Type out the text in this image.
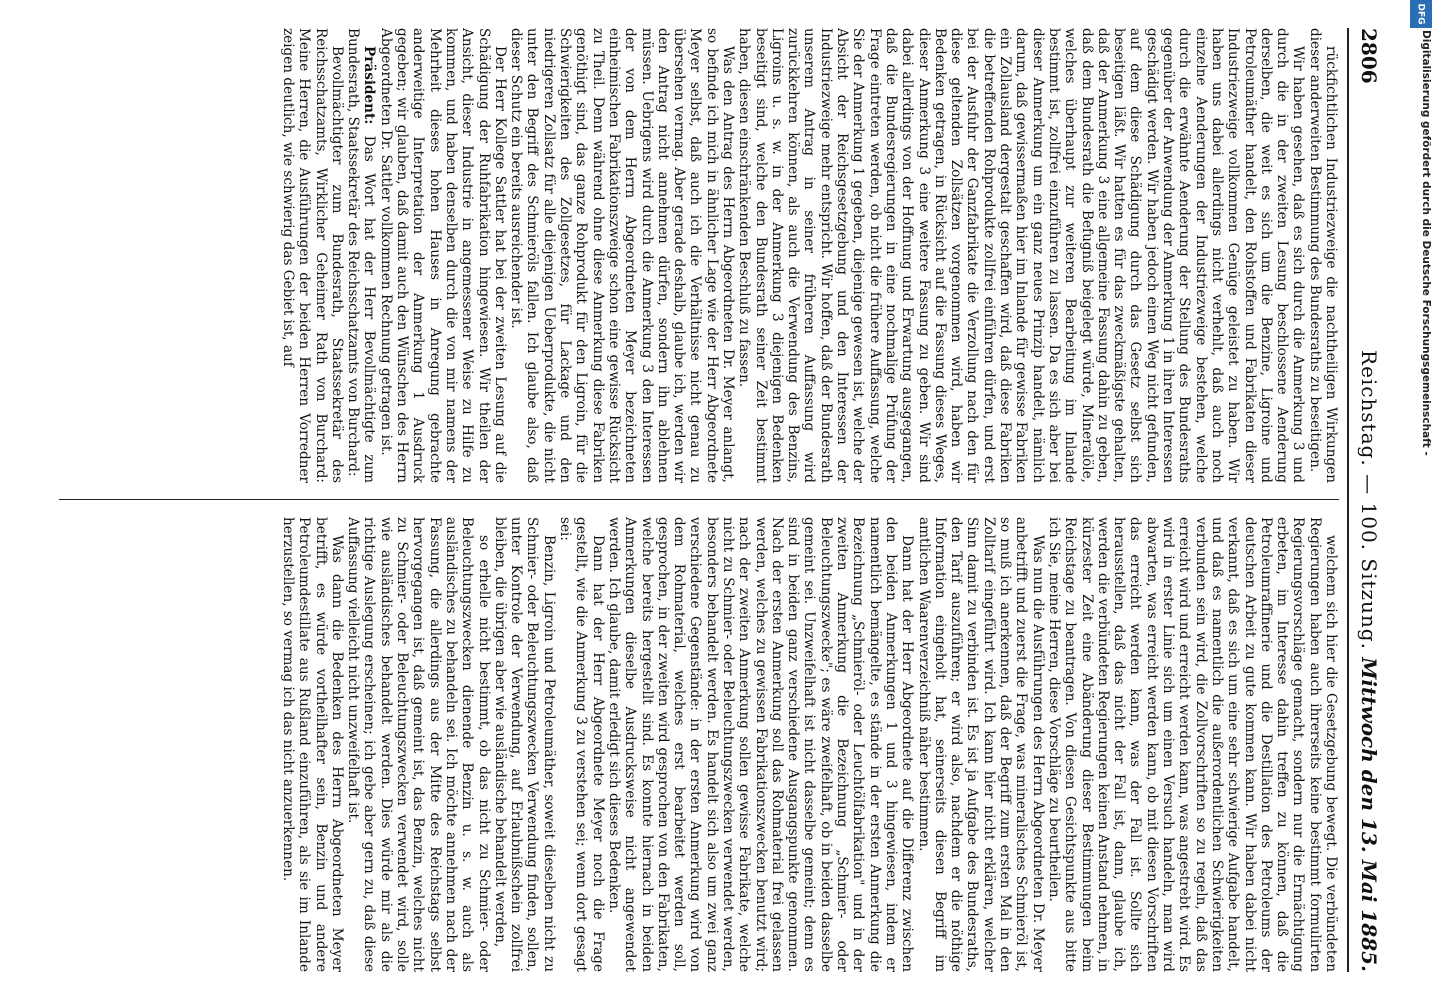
2806
Reichstag. — 100. Sitzung.
Mittwoch den 13. Mai 1885.

rückfichtlichen Industriezweige die nachtheiligen Wirkungen dieser anderweiten Bestimmung des Bundesraths zu beseitigen.

Wir haben gesehen, daß es sich durch die Anmerkung 3 und durch die in der zweiten Lesung beschlossene Aenderung derselben, die weit es sich um die Benzine, Ligroine und Petroleumäther handelt, den Rohstoffen und Fabrikaten dieser Industriezweige vollkommen Genüge geleistet zu haben. Wir haben uns dabei allerdings nicht verhehlt, daß auch noch einzelne Aenderungen der Industriezweige bestehen, welche durch die erwähnte Aenderung der Stellung des Bundesraths gegenüber der Anwendung der Anmerkung 1 in ihren Interessen geschädigt werden. Wir haben jedoch einen Weg nicht gefunden, auf dem diese Schädigung durch das Gesetz selbst sich beseitigen läßt. Wir hatten es für das zweckmäßigste gehalten, daß der Anmerkung 3 eine allgemeine Fassung dahin zu geben, daß dem Bundesrath die Befugniß beigelegt würde, Mineralöle, welches überhaupt zur weiteren Bearbeitung im Inlande bestimmt ist, zollfrei einzuführen zu lassen. Da es sich aber bei dieser Anmerkung um ein ganz neues Prinzip handelt, nämlich darum, daß gewissermaßen hier im Inlande für gewisse Fabriken ein Zollausland dergestalt geschaffen wird, daß diese Fabriken die betreffenden Rohprodukte zollfrei einführen dürfen, und erst bei der Ausfuhr der Ganzfabrikate die Verzollung nach den für diese geltenden Zollsätzen vorgenommen wird, haben wir Bedenken getragen, in Rücksicht auf die Fassung dieses Weges, dieser Anmerkung 3 eine weitere Fassung zu geben. Wir sind dabei allerdings von der Hoffnung und Erwartung ausgegangen, daß die Bundesregierungen in eine nochmalige Prüfung der Frage eintreten werden, ob nicht die frühere Auffassung, welche Sie der Anmerkung 1 gegeben, diejenige gewesen ist, welche der Absicht der Reichsgesetzgebung und den Interessen der Industriezweige mehr entspricht. Wir hoffen, daß der Bundesrath unserem Antrag in seiner früheren Auffassung wird zurückkehren können, als auch die Verwendung des Benzins, Ligroins u. s. w. in der Anmerkung 3 diejenigen Bedenken beseitigt sind, welche den Bundesrath seiner Zeit bestimmt haben, diesen einschränkenden Beschluß zu fassen.

Was den Antrag des Herrn Abgeordneten Dr. Meyer anlangt, so befinde ich mich in ähnlicher Lage wie der Herr Abgeordnete Meyer selbst, daß auch ich die Verhältnisse nicht genau zu übersehen vermag. Aber gerade deshalb, glaube ich, werden wir den Antrag nicht annehmen dürfen, sondern ihn ablehnen müssen. Uebrigens wird durch die Anmerkung 3 den Interessen der von dem Herrn Abgeordneten Meyer bezeichneten einheimischen Fabrikationszweige schon eine gewisse Rücksicht zu Theil. Denn während ohne diese Anmerkung diese Fabriken genöthigt sind, das ganze Rohprodukt für den Ligroin, für die Schwierigkeiten des Zollgesetzes, für Lackage und den niedrigeren Zollsatz für alle diejenigen Ueberprodukte, die nicht unter den Begriff des Schmieröls fallen. Ich glaube also, daß dieser Schutz ein bereits ausreichender ist.

Der Herr Kollege Sattler hat bei der zweiten Lesung auf die Schädigung der Ruhfabrikation hingewiesen. Wir theilen der Ansicht, dieser Industrie in angemessener Weise zu Hilfe zu kommen, und haben denselben durch die von mir namens der Mehrheit dieses hohen Hauses in Anregung gebrachte anderweitige Interpretation der Anmerkung 1 Ausdruck gegeben; wir glauben, daß damit auch den Wünschen des Herrn Abgeordneten Dr. Sattler vollkommen Rechnung getragen ist.

Präsident: Das Wort hat der Herr Bevollmächtigte zum Bundesrath, Staatssekretär des Reichsschatzamts von Burchard:

Bevollmächtigter zum Bundesrath, Staatssekretär des Reichsschatzamts, Wirklicher Geheimer Rath von Burchard: Meine Herren, die Ausführungen der beiden Herren Vorredner zeigen deutlich, wie schwierig das Gebiet ist, auf

welchem sich hier die Gesetzgebung bewegt. Die verbündeten Regierungen haben auch ihrerseits keine bestimmt formulirten Regierungsvorschläge gemacht, sondern nur die Ermächtigung erbeten, im Interesse dahin treffen zu können, daß die Petroleumraffinerie und die Destillation des Petroleums der deutschen Arbeit zu gute kommen kann. Wir haben dabei nicht verkannt, daß es sich um eine sehr schwierige Aufgabe handelt, und daß es namentlich die außerordentlichen Schwierigkeiten verbunden sein wird, die Zollvorschriften so zu regeln, daß das erreicht wird und erreicht werden kann, was angestrebt wird. Es wird in erster Linie sich um einen Versuch handeln, man wird abwarten, was erreicht werden kann, ob mit diesen Vorschriften das erreicht werden kann, was der Fall ist. Sollte sich herausstellen, daß das nicht der Fall ist, dann, glaube ich, werden die verbündeten Regierungen keinen Anstand nehmen, in kürzester Zeit eine Abänderung dieser Bestimmungen beim Reichstage zu beantragen. Von diesen Gesichtspunkte aus bitte ich Sie, meine Herren, diese Vorschläge zu beurtheilen.

Was nun die Ausführungen des Herrn Abgeordneten Dr. Meyer anbetrifft und zuerst die Frage, was mineralisches Schmieröl ist, so muß ich anerkennen, daß der Begriff zum ersten Mal in den Zolltarif eingeführt wird. Ich kann hier nicht erklären, welcher Sinn damit zu verbinden ist. Es ist ja Aufgabe des Bundesraths, den Tarif auszuführen; er wird also, nachdem er die nöthige Information eingeholt hat, seinerseits diesen Begriff im amtlichen Waarenverzeichniß näher bestimmen.

Dann hat der Herr Abgeordnete auf die Differenz zwischen den beiden Anmerkungen 1 und 3 hingewiesen, indem er namentlich bemängelte, es stände in der ersten Anmerkung die Bezeichnung „Schmieröl- oder Leuchtölfabrikation" und in der zweiten Anmerkung die Bezeichnung „Schmier- oder Beleuchtungszwecke"; es wäre zweifelhaft, ob in beiden dasselbe gemeint sei. Unzweifelhaft ist nicht dasselbe gemeint; denn es sind in beiden ganz verschiedene Ausgangspunkte genommen. Nach der ersten Anmerkung soll das Rohmaterial frei gelassen werden, welches zu gewissen Fabrikationszwecken benutzt wird; nach der zweiten Anmerkung sollen gewisse Fabrikate, welche nicht zu Schmier- oder Beleuchtungszwecken verwendet werden, besonders behandelt werden. Es handelt sich also um zwei ganz verschiedene Gegenstände: in der ersten Anmerkung wird von dem Rohmaterial, welches erst bearbeitet werden soll, gesprochen, in der zweiten wird gesprochen von den Fabrikaten, welche bereits hergestellt sind. Es konnte hiernach in beiden Anmerkungen dieselbe Ausdrucksweise nicht angewendet werden. Ich glaube, damit erledigt sich dieses Bedenken.

Dann hat der Herr Abgeordnete Meyer noch die Frage gestellt, wie die Anmerkung 3 zu verstehen sei; wenn dort gesagt sei:

Benzin, Ligroin und Petroleumäther, soweit dieselben nicht zu Schmier- oder Beleuchtungszwecken Verwendung finden, sollen, unter Kontrole der Verwendung, auf Erlaubnißschein zollfrei bleiben, die übrigen aber wie ausländische behandelt werden,

so erhelle nicht bestimmt, ob das nicht zu Schmier- oder Beleuchtungszwecken dienende Benzin u. s. w. auch als ausländisches zu behandeln sei. Ich möchte annehmen nach der Fassung, die allerdings aus der Mitte des Reichstags selbst hervorgegangen ist, daß gemeint ist, das Benzin, welches nicht zu Schmier- oder Beleuchtungszwecken verwendet wird, solle wie ausländisches behandelt werden. Dies würde mir als die richtige Auslegung erscheinen; ich gebe aber gern zu, daß diese Auffassung vielleicht nicht unzweifelhaft ist.

Was dann die Bedenken des Herrn Abgeordneten Meyer betrifft, es würde vortheilhafter sein, Benzin und andere Petroleumdestillate aus Rußland einzuführen, als sie im Inlande herzustellen, so vermag ich das nicht anzuerkennen.

DFG
Digitalisierung gefördert durch die Deutsche Forschungsgemeinschaft -
